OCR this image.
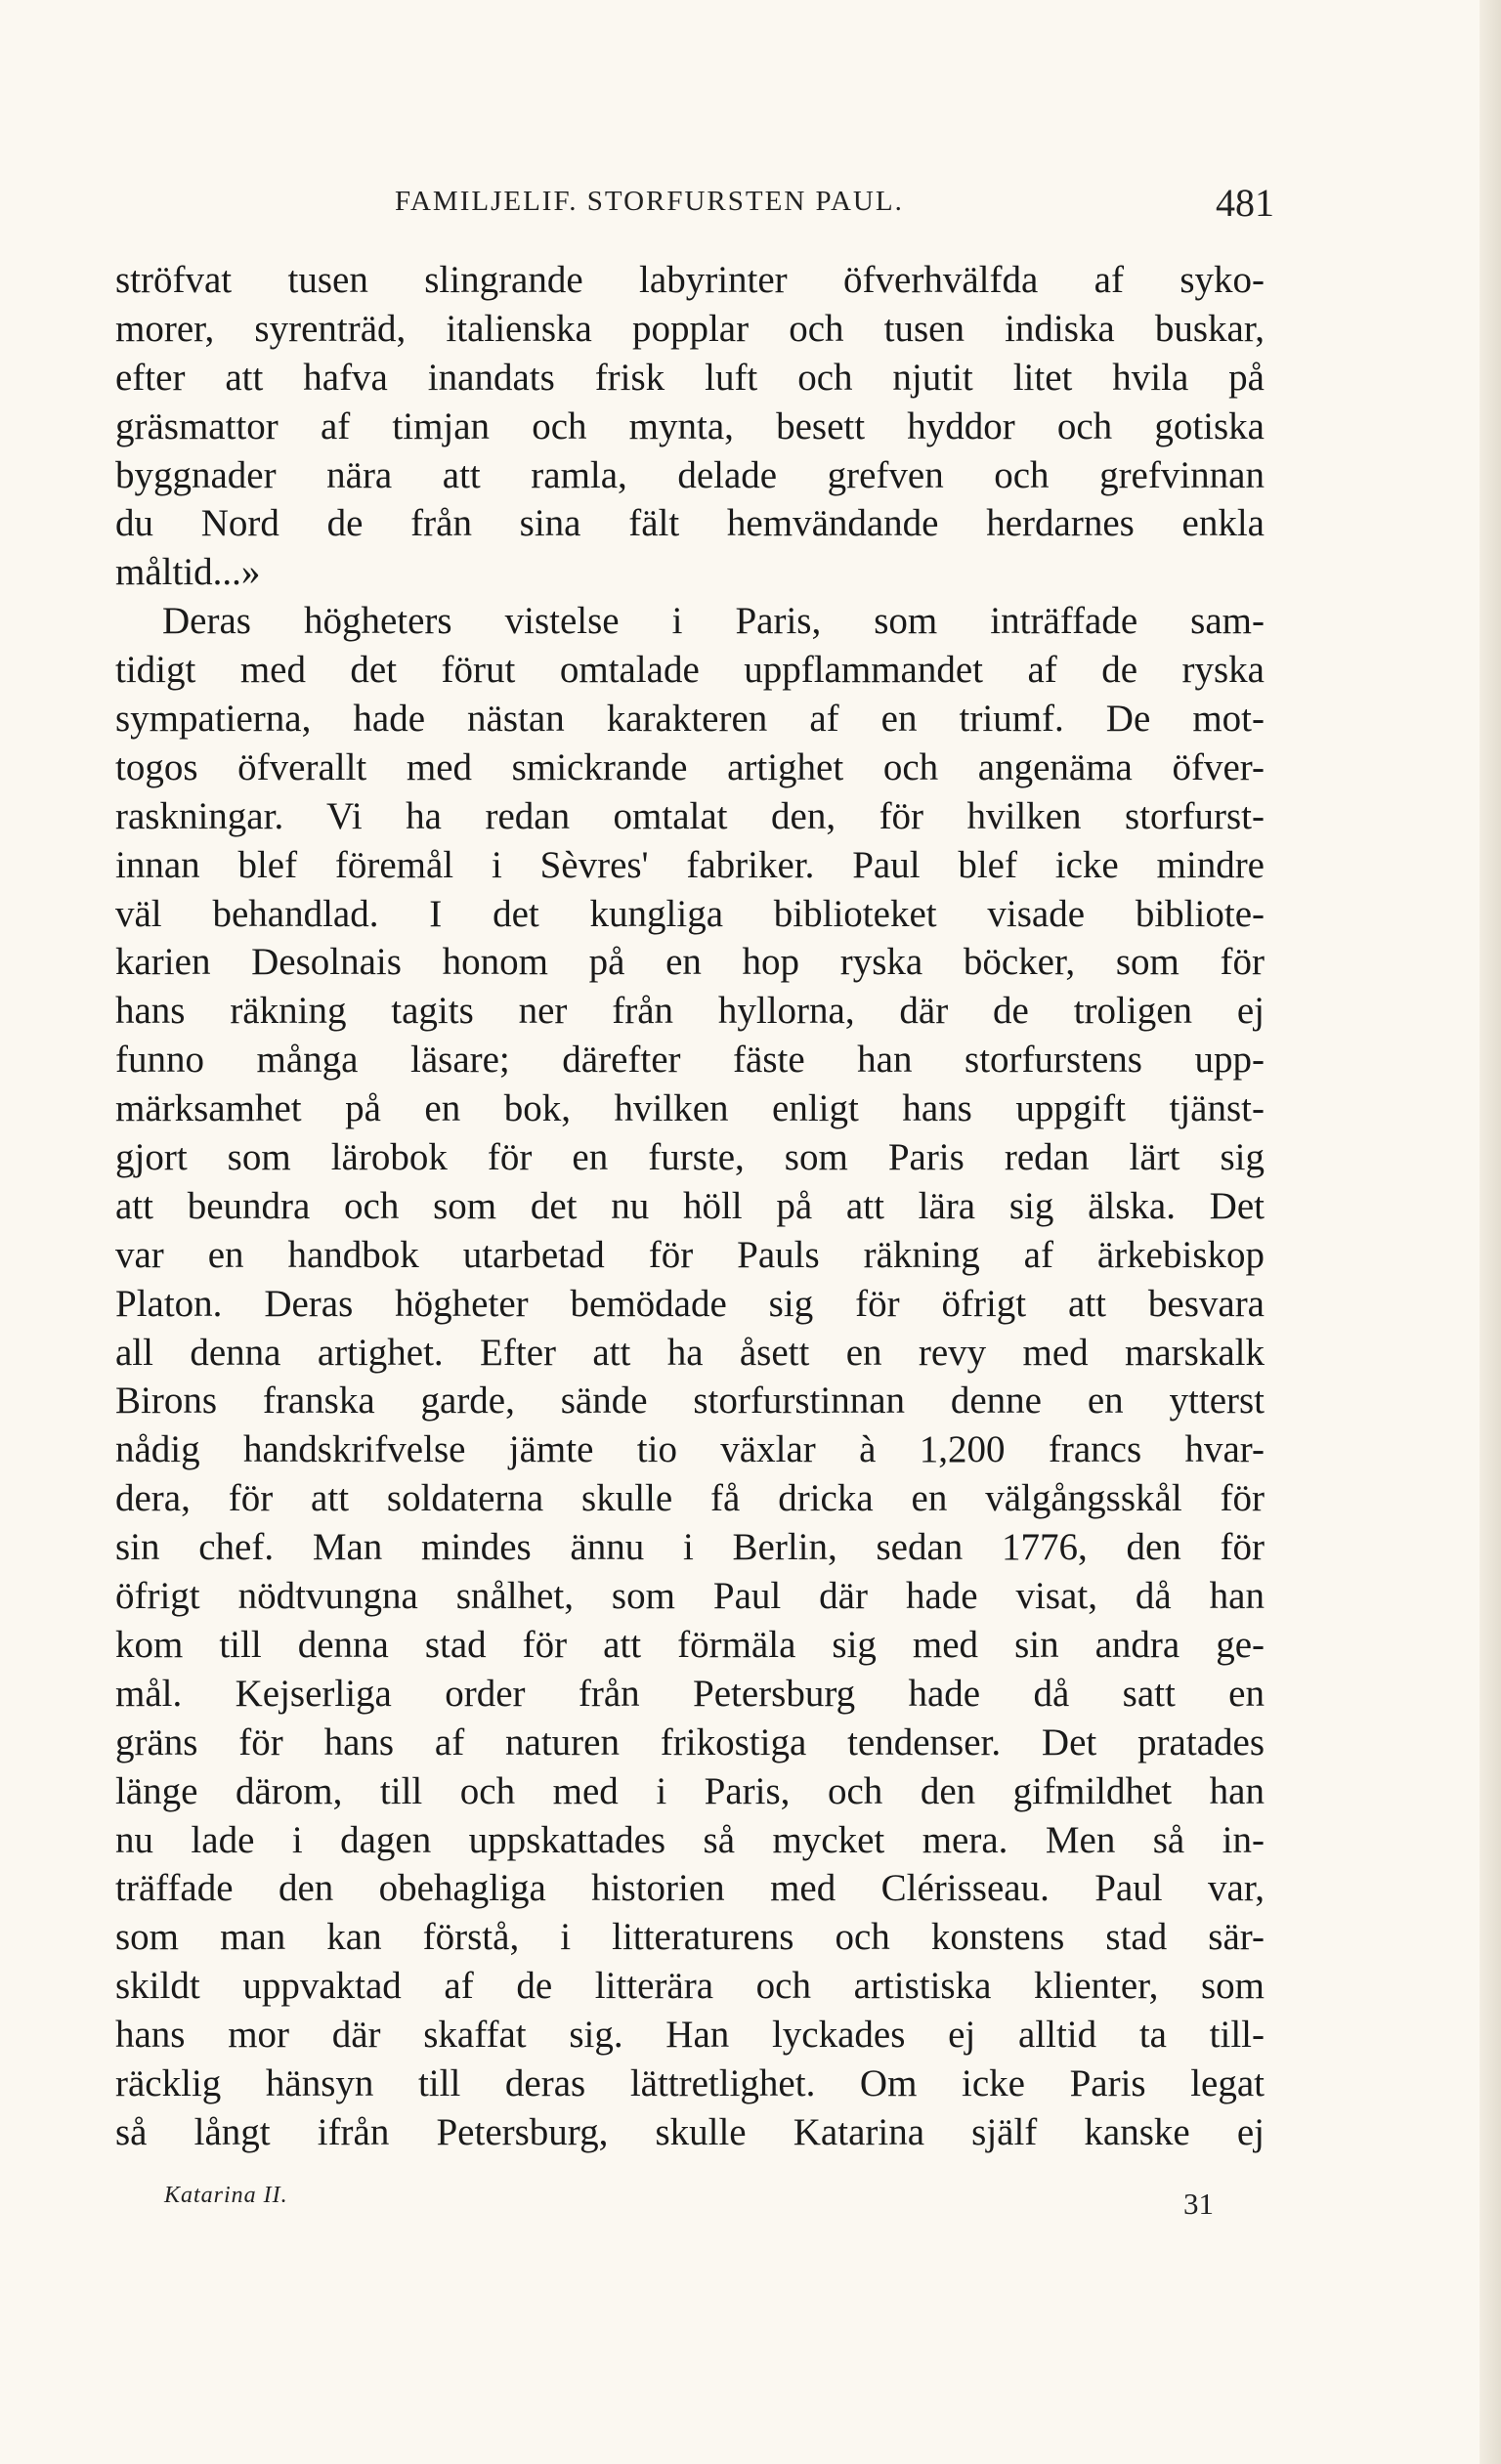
FAMILJELIF. STORFURSTEN PAUL.	481
ströfvat tusen slingrande labyrinter öfverhvälfda af syko-
morer, syrenträd, italienska popplar och tusen indiska buskar,
efter att hafva inandats frisk luft och njutit litet hvila på
gräsmattor af timjan och mynta, besett hyddor och gotiska
byggnader nära att ramla, delade grefven och grefvinnan
du Nord de från sina fält hemvändande herdarnes enkla
måltid...»
Deras högheters vistelse i Paris, som inträffade sam-
tidigt med det förut omtalade uppflammandet af de ryska
sympatierna, hade nästan karakteren af en triumf. De mot-
togos öfverallt med smickrande artighet och angenäma öfver-
raskningar. Vi ha redan omtalat den, för hvilken storfurst-
innan blef föremål i Sèvres' fabriker. Paul blef icke mindre
väl behandlad. I det kungliga biblioteket visade bibliote-
karien Desolnais honom på en hop ryska böcker, som för
hans räkning tagits ner från hyllorna, där de troligen ej
funno många läsare; därefter fäste han storfurstens upp-
märksamhet på en bok, hvilken enligt hans uppgift tjänst-
gjort som lärobok för en furste, som Paris redan lärt sig
att beundra och som det nu höll på att lära sig älska. Det
var en handbok utarbetad för Pauls räkning af ärkebiskop
Platon. Deras högheter bemödade sig för öfrigt att besvara
all denna artighet. Efter att ha åsett en revy med marskalk
Birons franska garde, sände storfurstinnan denne en ytterst
nådig handskrifvelse jämte tio växlar à 1,200 francs hvar-
dera, för att soldaterna skulle få dricka en välgångsskål för
sin chef. Man mindes ännu i Berlin, sedan 1776, den för
öfrigt nödtvungna snålhet, som Paul där hade visat, då han
kom till denna stad för att förmäla sig med sin andra ge-
mål. Kejserliga order från Petersburg hade då satt en
gräns för hans af naturen frikostiga tendenser. Det pratades
länge därom, till och med i Paris, och den gifmildhet han
nu lade i dagen uppskattades så mycket mera. Men så in-
träffade den obehagliga historien med Clérisseau. Paul var,
som man kan förstå, i litteraturens och konstens stad sär-
skildt uppvaktad af de litterära och artistiska klienter, som
hans mor där skaffat sig. Han lyckades ej alltid ta till-
räcklig hänsyn till deras lättretlighet. Om icke Paris legat
så långt ifrån Petersburg, skulle Katarina själf kanske ej
Katarina II.	31
